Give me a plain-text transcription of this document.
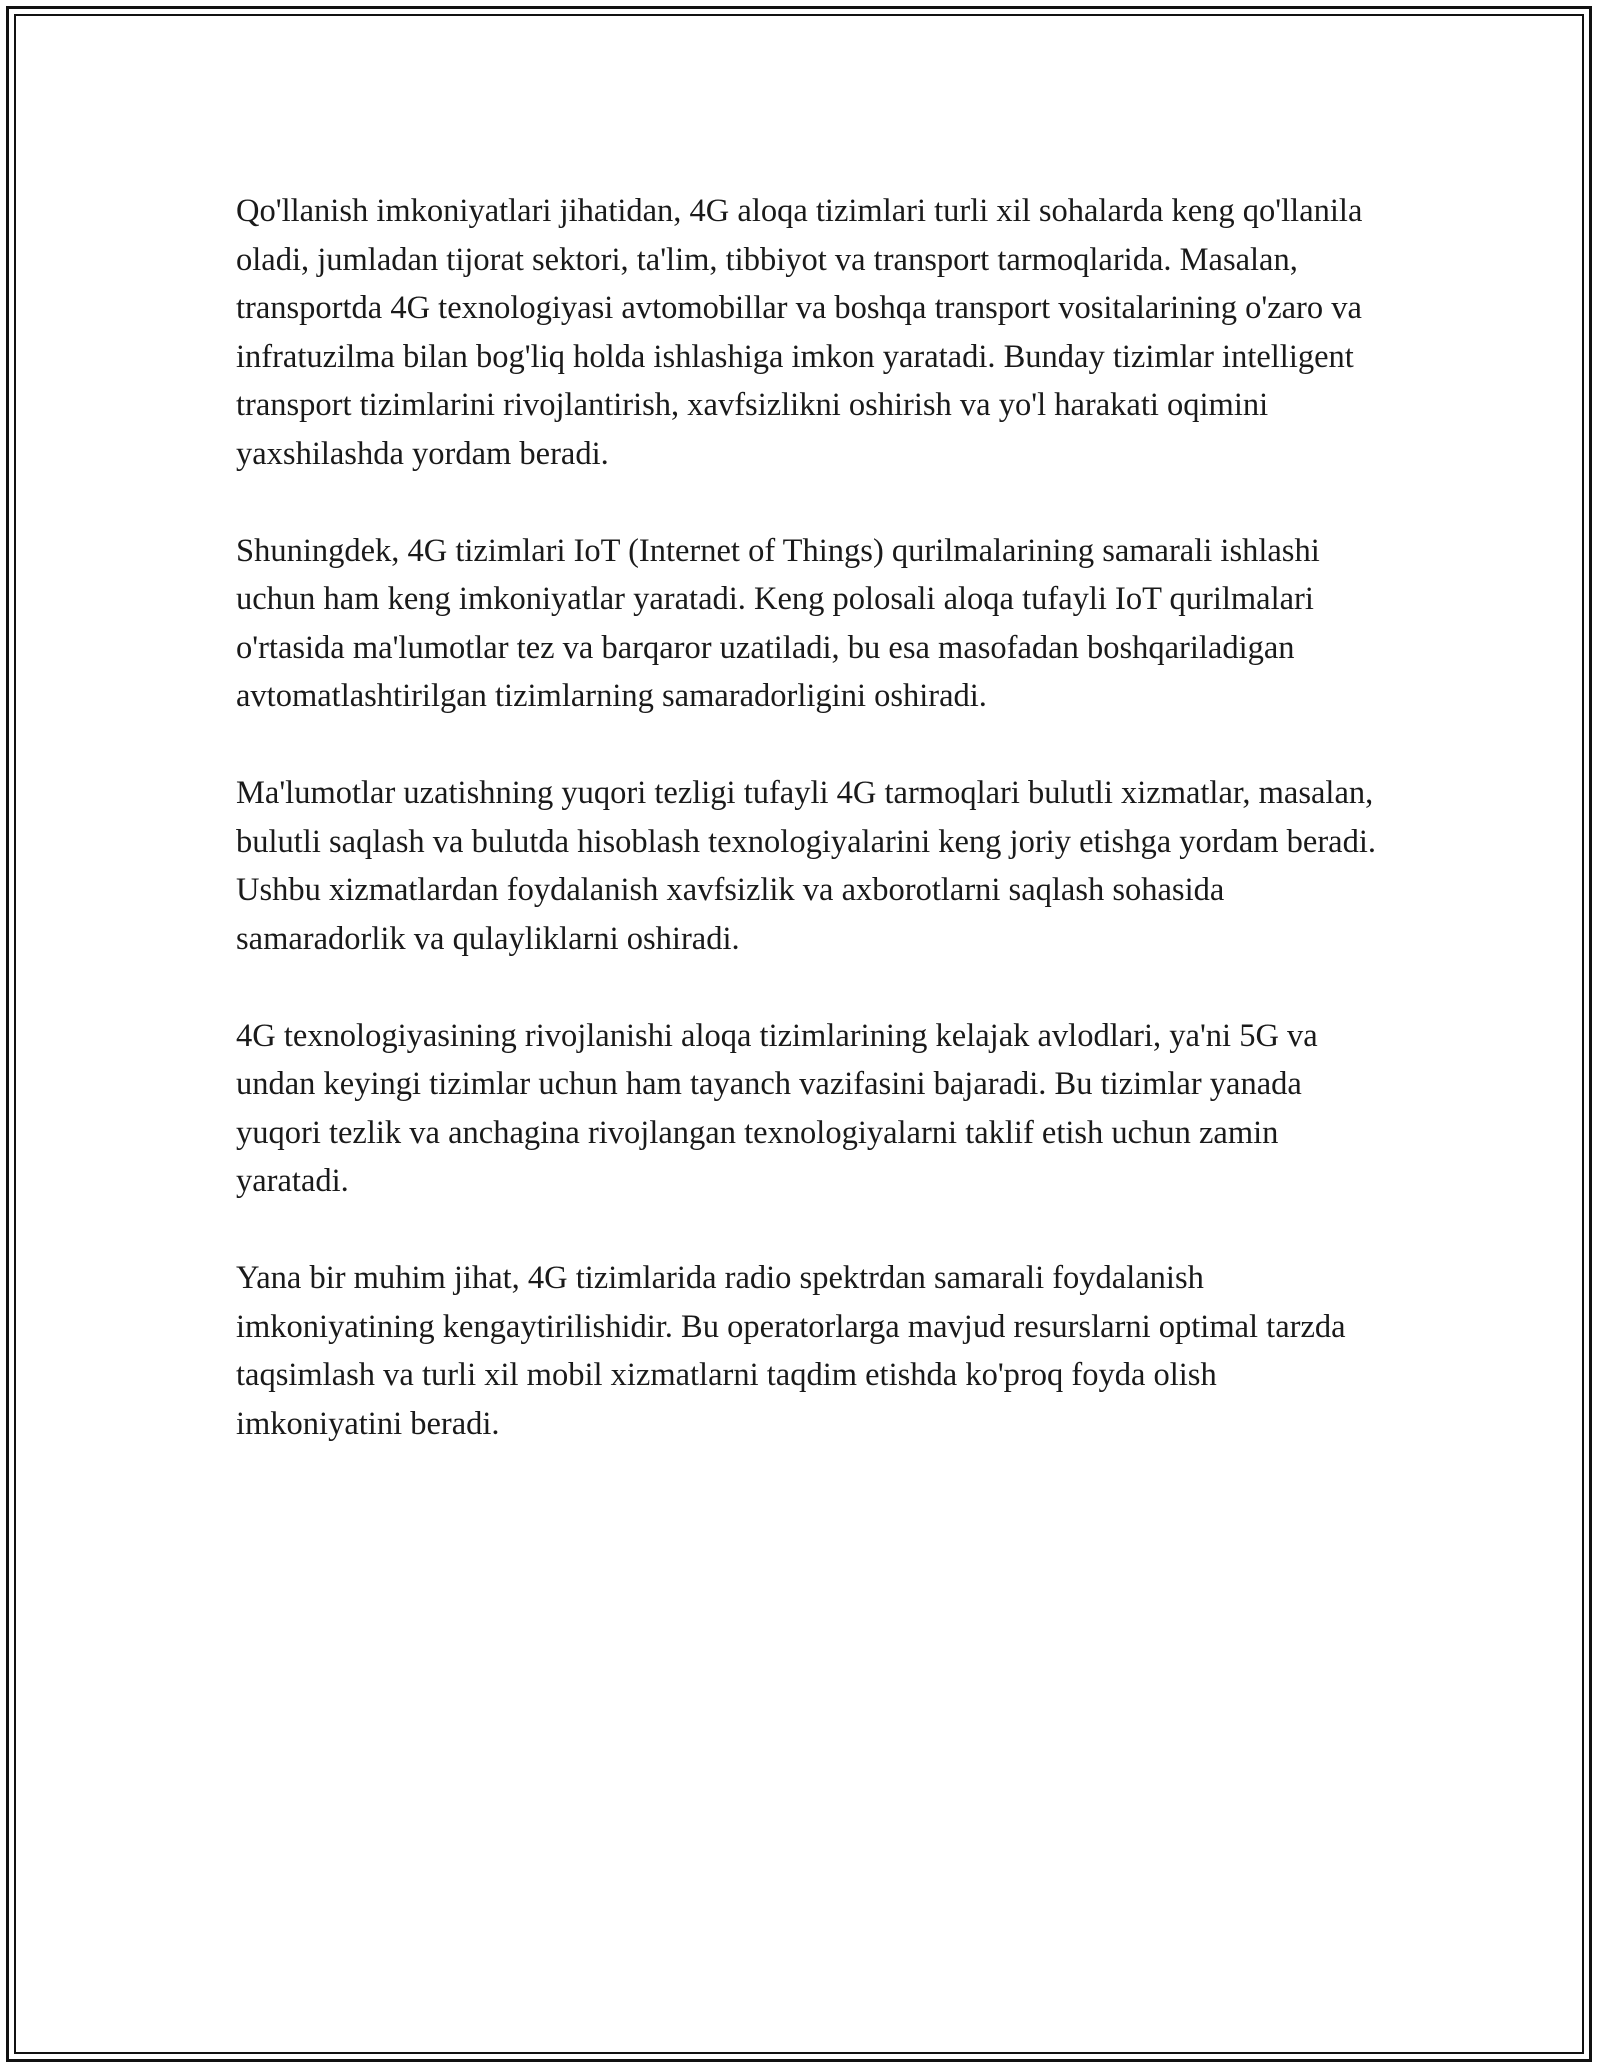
Qo'llanish imkoniyatlari jihatidan, 4G aloqa tizimlari turli xil sohalarda keng qo'llanila oladi, jumladan tijorat sektori, ta'lim, tibbiyot va transport tarmoqlarida. Masalan, transportda 4G texnologiyasi avtomobillar va boshqa transport vositalarining o'zaro va infratuzilma bilan bog'liq holda ishlashiga imkon yaratadi. Bunday tizimlar intelligent transport tizimlarini rivojlantirish, xavfsizlikni oshirish va yo'l harakati oqimini yaxshilashda yordam beradi.

Shuningdek, 4G tizimlari IoT (Internet of Things) qurilmalarining samarali ishlashi uchun ham keng imkoniyatlar yaratadi. Keng polosali aloqa tufayli IoT qurilmalari o'rtasida ma'lumotlar tez va barqaror uzatiladi, bu esa masofadan boshqariladigan avtomatlashtirilgan tizimlarning samaradorligini oshiradi.

Ma'lumotlar uzatishning yuqori tezligi tufayli 4G tarmoqlari bulutli xizmatlar, masalan, bulutli saqlash va bulutda hisoblash texnologiyalarini keng joriy etishga yordam beradi. Ushbu xizmatlardan foydalanish xavfsizlik va axborotlarni saqlash sohasida samaradorlik va qulayliklarni oshiradi.

4G texnologiyasining rivojlanishi aloqa tizimlarining kelajak avlodlari, ya'ni 5G va undan keyingi tizimlar uchun ham tayanch vazifasini bajaradi. Bu tizimlar yanada yuqori tezlik va anchagina rivojlangan texnologiyalarni taklif etish uchun zamin yaratadi.

Yana bir muhim jihat, 4G tizimlarida radio spektrdan samarali foydalanish imkoniyatining kengaytirilishidir. Bu operatorlarga mavjud resurslarni optimal tarzda taqsimlash va turli xil mobil xizmatlarni taqdim etishda ko'proq foyda olish imkoniyatini beradi.
